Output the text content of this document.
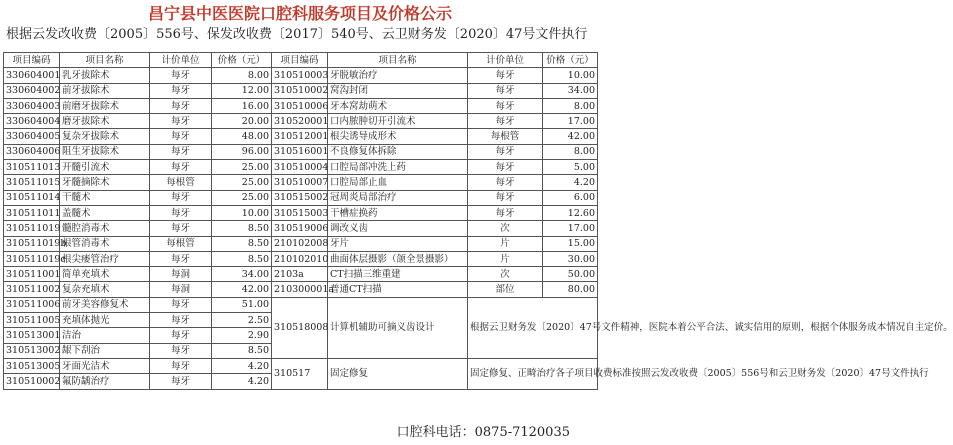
昌宁县中医医院口腔科服务项目及价格公示
根据云发改收费〔2005〕556号、保发改收费〔2017〕540号、云卫财务发〔2020〕47号文件执行
项目编码	项目名称	计价单位	价格（元）	项目编码	项目名称	计价单位	价格（元）
330604001	乳牙拔除术	每牙	8.00	310510003	牙脱敏治疗	每牙	10.00
330604002	前牙拔除术	每牙	12.00	310510002	窝沟封闭	每牙	34.00
330604003	前磨牙拔除术	每牙	16.00	310510006	牙本窝劫萌术	每牙	8.00
330604004	磨牙拔除术	每牙	20.00	310520001	口内脓肿切开引流术	每牙	17.00
330604005	复杂牙拔除术	每牙	48.00	310512001	根尖诱导成形术	每根管	42.00
330604006	阻生牙拔除术	每牙	96.00	310516001	不良修复体拆除	每牙	8.00
310511013	开髓引流术	每牙	25.00	310510004	口腔局部冲洗上药	每牙	5.00
310511015	牙髓摘除术	每根管	25.00	310510007	口腔局部止血	每牙	4.20
310511014	干髓术	每牙	25.00	310515002	冠周炎局部治疗	每牙	6.00
310511011	盖髓术	每牙	10.00	310515003	干槽症换药	每牙	12.60
310511019	髓腔消毒术	每牙	8.50	310519006	调改义齿	次	17.00
310511019b	根管消毒术	每根管	8.50	210102008	牙片	片	15.00
310511019c	根尖瘘管治疗	每牙	8.50	210102010	曲面体层摄影（颌全景摄影）	片	30.00
310511001	简单充填术	每洞	34.00	2103a	CT扫描三维重建	次	50.00
310511002	复杂充填术	每洞	42.00	210300001a	普通CT扫描	部位	80.00
310511006	前牙美容修复术	每牙	51.00	310518008	计算机辅助可摘义齿设计	根据云卫财务发〔2020〕47号文件精神，医院本着公平合法、诚实信用的原则，根据个体服务成本情况自主定价。	
310511005	充填体抛光	每牙	2.50				
310513001	洁治	每牙	2.90				
310513002	龈下刮治	每牙	8.50				
310513005	牙面光洁术	每牙	4.20	310517	固定修复	固定修复、正畸治疗各子项目收费标准按照云发改收费〔2005〕556号和云卫财务发〔2020〕47号文件执行	
310510002	氟防龋治疗	每牙	4.20				
口腔科电话：0875-7120035
